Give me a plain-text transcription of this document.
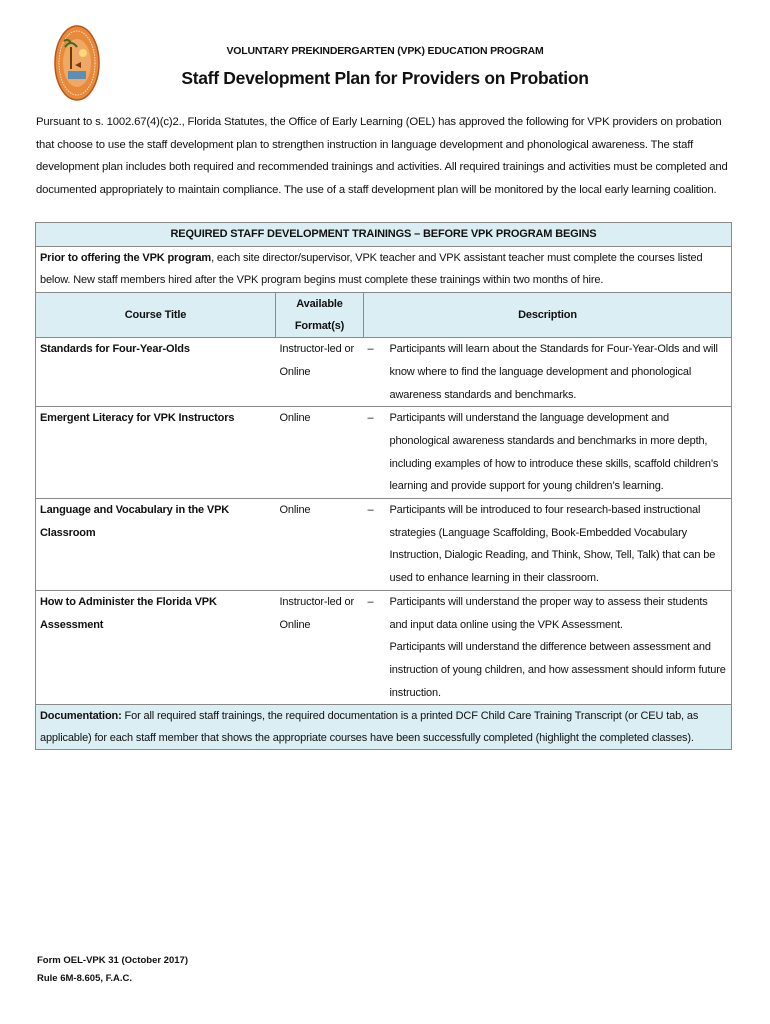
VOLUNTARY PREKINDERGARTEN (VPK) EDUCATION PROGRAM
Staff Development Plan for Providers on Probation

Pursuant to s. 1002.67(4)(c)2., Florida Statutes, the Office of Early Learning (OEL) has approved the following for VPK providers on probation that choose to use the staff development plan to strengthen instruction in language development and phonological awareness. The staff development plan includes both required and recommended trainings and activities. All required trainings and activities must be completed and documented appropriately to maintain compliance. The use of a staff development plan will be monitored by the local early learning coalition.

REQUIRED STAFF DEVELOPMENT TRAININGS – BEFORE VPK PROGRAM BEGINS		
Prior to offering the VPK program, each site director/supervisor, VPK teacher and VPK assistant teacher must complete the courses listed below. New staff members hired after the VPK program begins must complete these trainings within two months of hire.		
Course Title	Available Format(s)	Description
Standards for Four-Year-Olds	Instructor-led or Online	– Participants will learn about the Standards for Four-Year-Olds and will know where to find the language development and phonological awareness standards and benchmarks.

Emergent Literacy for VPK Instructors	Online	– Participants will understand the language development and phonological awareness standards and benchmarks in more depth, including examples of how to introduce these skills, scaffold children’s learning and provide support for young children’s learning.

Language and Vocabulary in the VPK Classroom	Online	– Participants will be introduced to four research-based instructional strategies (Language Scaffolding, Book-Embedded Vocabulary Instruction, Dialogic Reading, and Think, Show, Tell, Talk) that can be used to enhance learning in their classroom.

How to Administer the Florida VPK Assessment	Instructor-led or Online	– Participants will understand the proper way to assess their students and input data online using the VPK Assessment.
Participants will understand the difference between assessment and instruction of young children, and how assessment should inform future instruction.

Documentation: For all required staff trainings, the required documentation is a printed DCF Child Care Training Transcript (or CEU tab, as applicable) for each staff member that shows the appropriate courses have been successfully completed (highlight the completed classes).		
Form OEL-VPK 31 (October 2017)
Rule 6M-8.605, F.A.C.
